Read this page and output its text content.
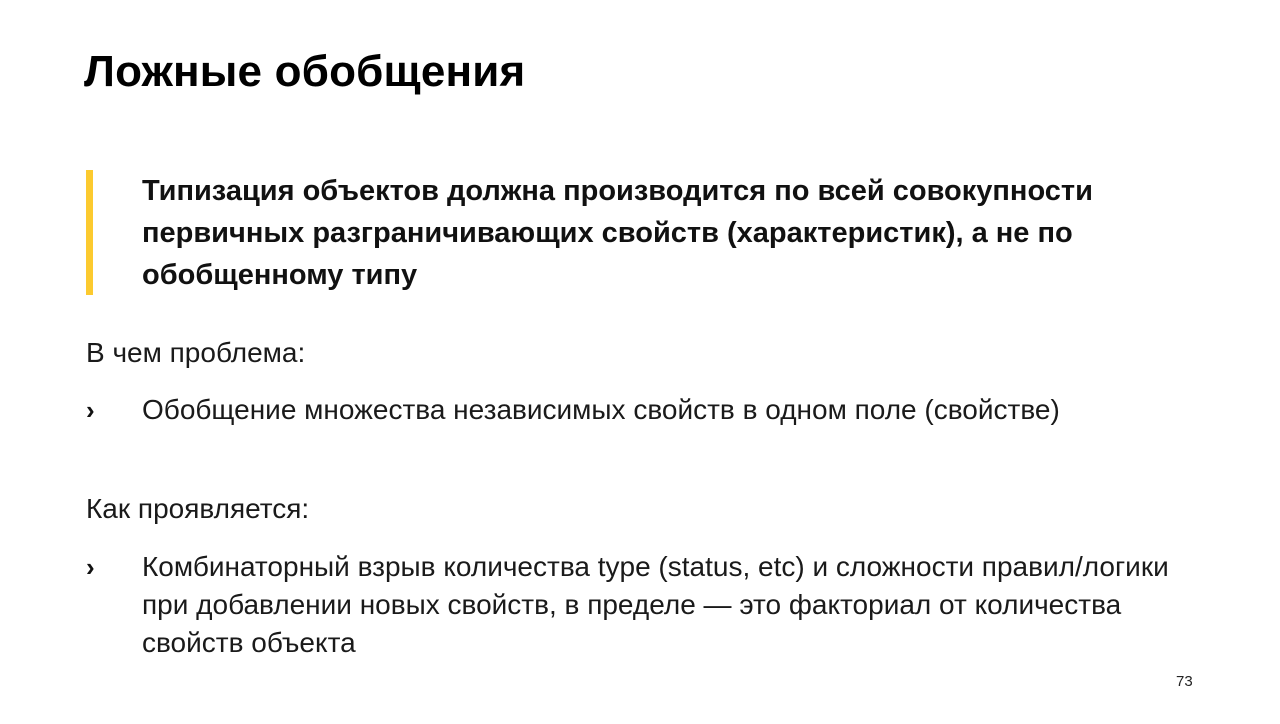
Ложные обобщения

Типизация объектов должна производится по всей совокупности первичных разграничивающих свойств (характеристик), а не по обобщенному типу

В чем проблема:

› Обобщение множества независимых свойств в одном поле (свойстве)

Как проявляется:

› Комбинаторный взрыв количества type (status, etc) и сложности правил/логики при добавлении новых свойств, в пределе — это факториал от количества свойств объекта

73
